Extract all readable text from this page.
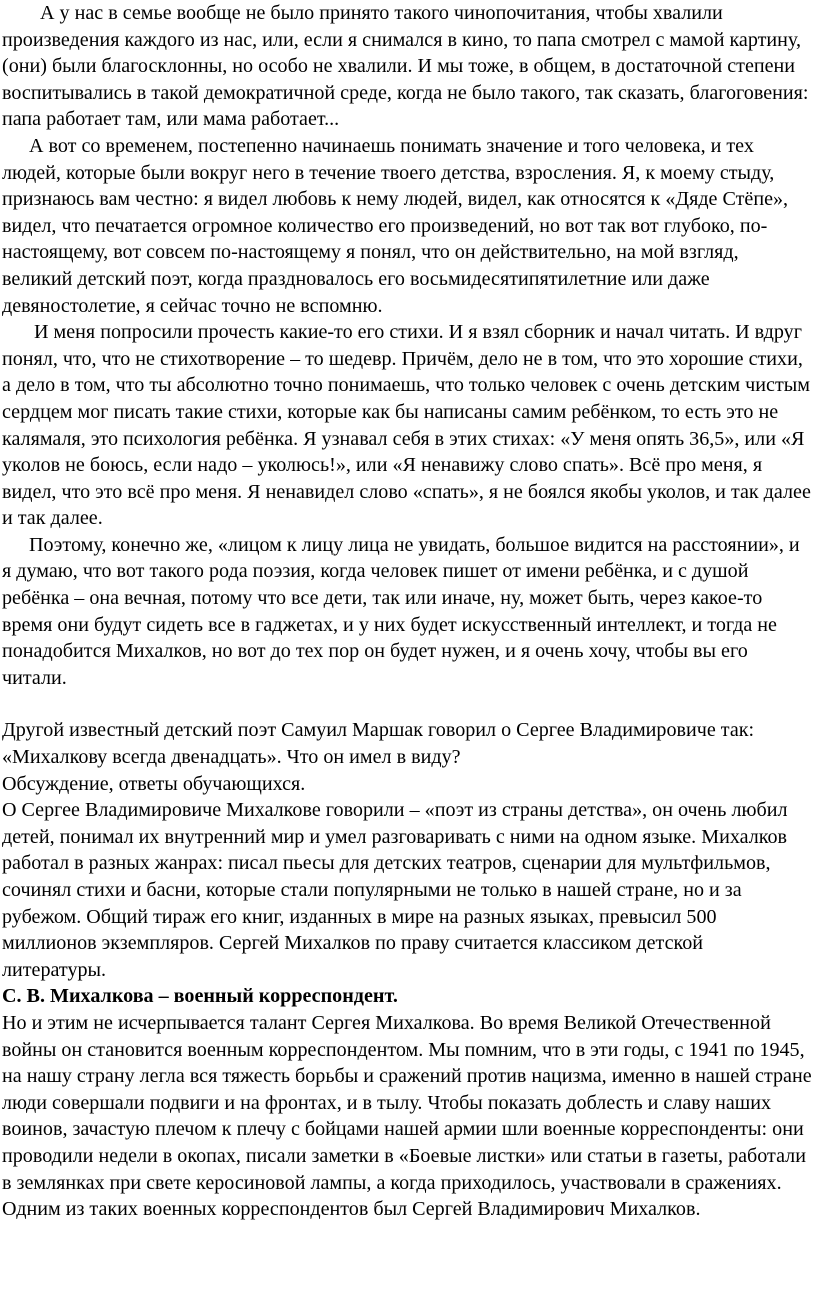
А у нас в семье вообще не было принято такого чинопочитания, чтобы хвалили произведения каждого из нас, или, если я снимался в кино, то папа смотрел с мамой картину, (они) были благосклонны, но особо не хвалили. И мы тоже, в общем, в достаточной степени воспитывались в такой демократичной среде, когда не было такого, так сказать, благоговения: папа работает там, или мама работает...

А вот со временем, постепенно начинаешь понимать значение и того человека, и тех людей, которые были вокруг него в течение твоего детства, взросления. Я, к моему стыду, признаюсь вам честно: я видел любовь к нему людей, видел, как относятся к «Дяде Стёпе», видел, что печатается огромное количество его произведений, но вот так вот глубоко, по-настоящему, вот совсем по-настоящему я понял, что он действительно, на мой взгляд, великий детский поэт, когда праздновалось его восьмидесятипятилетние или даже девяностолетие, я сейчас точно не вспомню.

И меня попросили прочесть какие-то его стихи. И я взял сборник и начал читать. И вдруг понял, что, что не стихотворение – то шедевр. Причём, дело не в том, что это хорошие стихи, а дело в том, что ты абсолютно точно понимаешь, что только человек с очень детским чистым сердцем мог писать такие стихи, которые как бы написаны самим ребёнком, то есть это не калямаля, это психология ребёнка. Я узнавал себя в этих стихах: «У меня опять 36,5», или «Я уколов не боюсь, если надо – уколюсь!», или «Я ненавижу слово спать». Всё про меня, я видел, что это всё про меня. Я ненавидел слово «спать», я не боялся якобы уколов, и так далее и так далее.

Поэтому, конечно же, «лицом к лицу лица не увидать, большое видится на расстоянии», и я думаю, что вот такого рода поэзия, когда человек пишет от имени ребёнка, и с душой ребёнка – она вечная, потому что все дети, так или иначе, ну, может быть, через какое-то время они будут сидеть все в гаджетах, и у них будет искусственный интеллект, и тогда не понадобится Михалков, но вот до тех пор он будет нужен, и я очень хочу, чтобы вы его читали.

Другой известный детский поэт Самуил Маршак говорил о Сергее Владимировиче так: «Михалкову всегда двенадцать». Что он имел в виду?

Обсуждение, ответы обучающихся.

О Сергее Владимировиче Михалкове говорили – «поэт из страны детства», он очень любил детей, понимал их внутренний мир и умел разговаривать с ними на одном языке. Михалков работал в разных жанрах: писал пьесы для детских театров, сценарии для мультфильмов, сочинял стихи и басни, которые стали популярными не только в нашей стране, но и за рубежом. Общий тираж его книг, изданных в мире на разных языках, превысил 500 миллионов экземпляров. Сергей Михалков по праву считается классиком детской литературы.

С. В. Михалкова – военный корреспондент.

Но и этим не исчерпывается талант Сергея Михалкова. Во время Великой Отечественной войны он становится военным корреспондентом. Мы помним, что в эти годы, с 1941 по 1945, на нашу страну легла вся тяжесть борьбы и сражений против нацизма, именно в нашей стране люди совершали подвиги и на фронтах, и в тылу. Чтобы показать доблесть и славу наших воинов, зачастую плечом к плечу с бойцами нашей армии шли военные корреспонденты: они проводили недели в окопах, писали заметки в «Боевые листки» или статьи в газеты, работали в землянках при свете керосиновой лампы, а когда приходилось, участвовали в сражениях.

Одним из таких военных корреспондентов был Сергей Владимирович Михалков.
